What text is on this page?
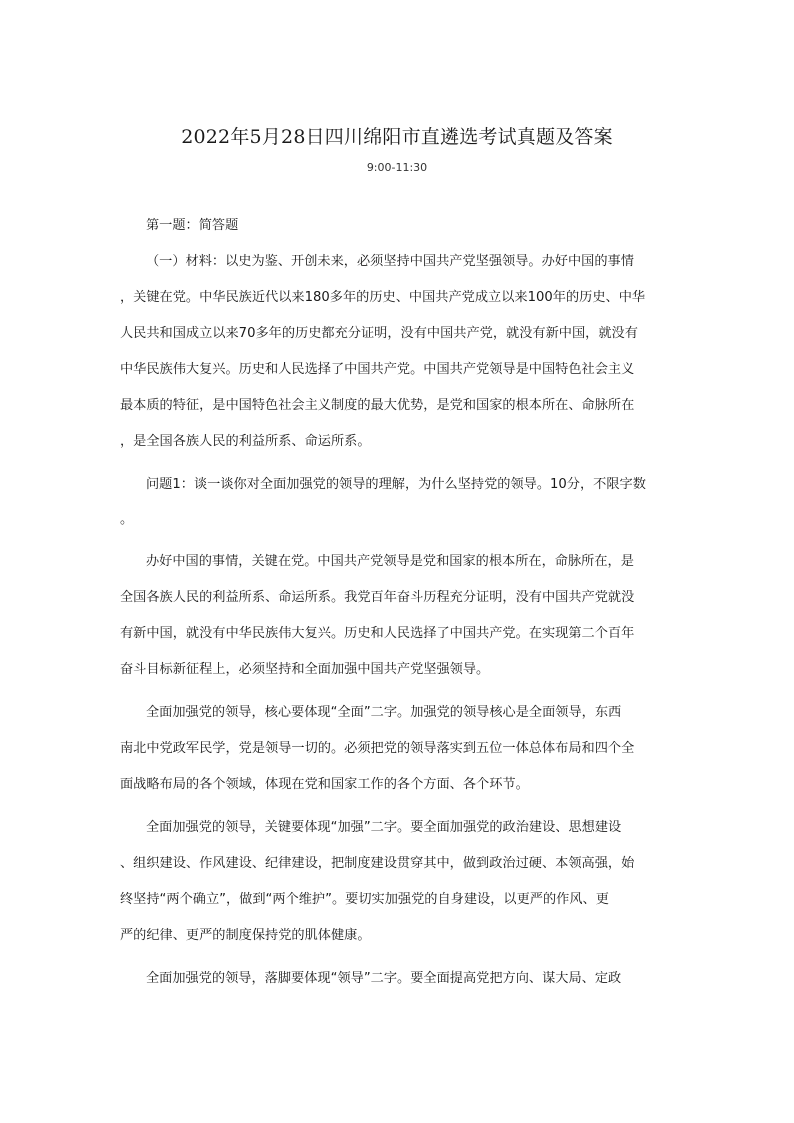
2022年5月28日四川绵阳市直遴选考试真题及答案
9:00-11:30
第一题：简答题
（一）材料：以史为鉴、开创未来，必须坚持中国共产党坚强领导。办好中国的事情
，关键在党。中华民族近代以来180多年的历史、中国共产党成立以来100年的历史、中华
人民共和国成立以来70多年的历史都充分证明，没有中国共产党，就没有新中国，就没有
中华民族伟大复兴。历史和人民选择了中国共产党。中国共产党领导是中国特色社会主义
最本质的特征，是中国特色社会主义制度的最大优势，是党和国家的根本所在、命脉所在
，是全国各族人民的利益所系、命运所系。
问题1：谈一谈你对全面加强党的领导的理解，为什么坚持党的领导。10分，不限字数
。
办好中国的事情，关键在党。中国共产党领导是党和国家的根本所在，命脉所在，是
全国各族人民的利益所系、命运所系。我党百年奋斗历程充分证明，没有中国共产党就没
有新中国，就没有中华民族伟大复兴。历史和人民选择了中国共产党。在实现第二个百年
奋斗目标新征程上，必须坚持和全面加强中国共产党坚强领导。
全面加强党的领导，核心要体现“全面”二字。加强党的领导核心是全面领导，东西
南北中党政军民学，党是领导一切的。必须把党的领导落实到五位一体总体布局和四个全
面战略布局的各个领域，体现在党和国家工作的各个方面、各个环节。
全面加强党的领导，关键要体现“加强”二字。要全面加强党的政治建设、思想建设
、组织建设、作风建设、纪律建设，把制度建设贯穿其中，做到政治过硬、本领高强，始
终坚持“两个确立”，做到“两个维护”。要切实加强党的自身建设，以更严的作风、更
严的纪律、更严的制度保持党的肌体健康。
全面加强党的领导，落脚要体现“领导”二字。要全面提高党把方向、谋大局、定政
